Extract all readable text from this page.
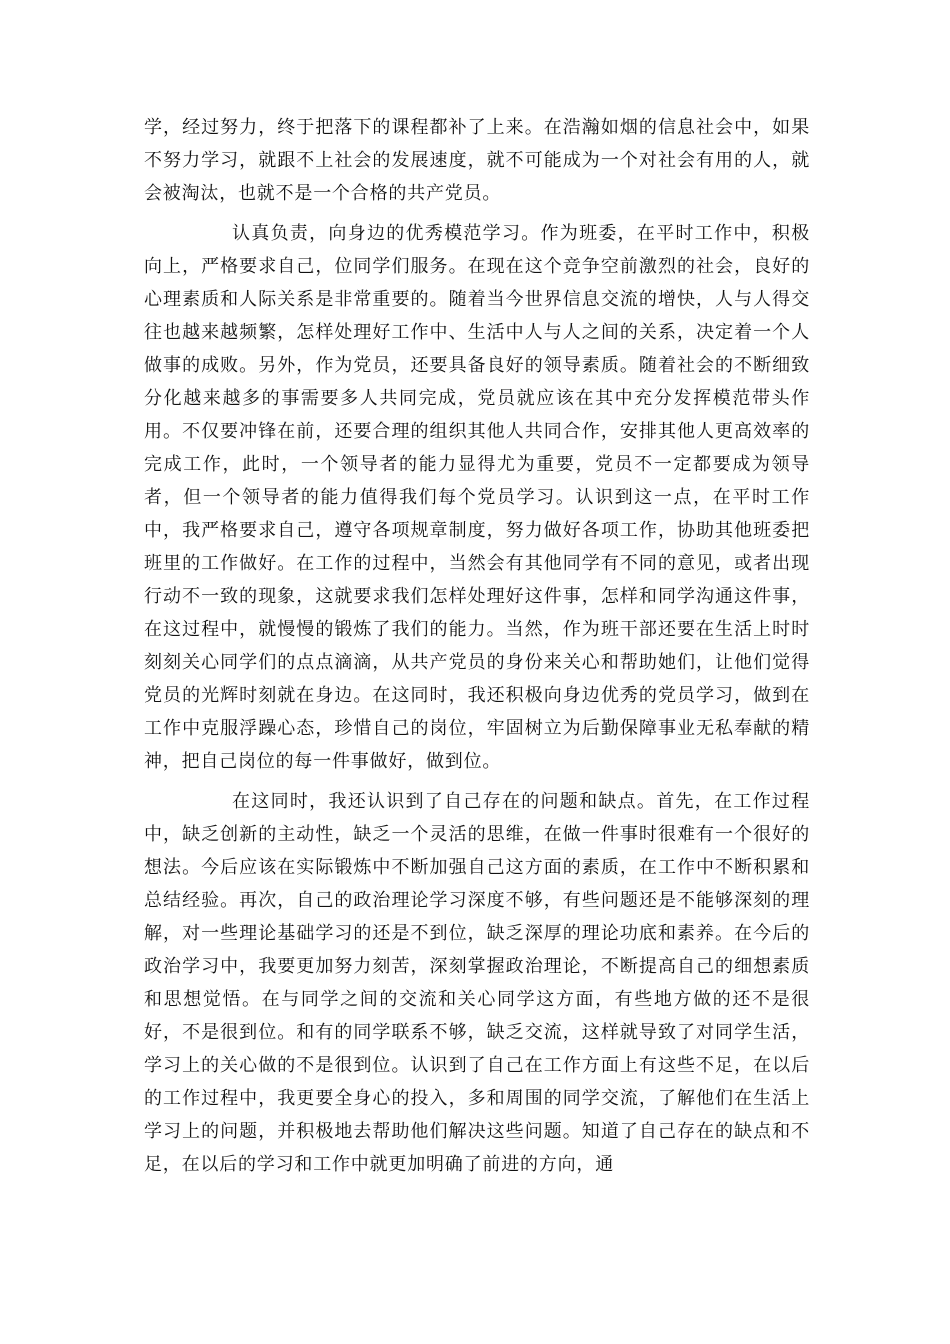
学，经过努力，终于把落下的课程都补了上来。在浩瀚如烟的信息社会中，如果不努力学习，就跟不上社会的发展速度，就不可能成为一个对社会有用的人，就会被淘汰，也就不是一个合格的共产党员。

认真负责，向身边的优秀模范学习。作为班委，在平时工作中，积极向上，严格要求自己，位同学们服务。在现在这个竞争空前激烈的社会，良好的心理素质和人际关系是非常重要的。随着当今世界信息交流的增快，人与人得交往也越来越频繁，怎样处理好工作中、生活中人与人之间的关系，决定着一个人做事的成败。另外，作为党员，还要具备良好的领导素质。随着社会的不断细致分化越来越多的事需要多人共同完成，党员就应该在其中充分发挥模范带头作用。不仅要冲锋在前，还要合理的组织其他人共同合作，安排其他人更高效率的完成工作，此时，一个领导者的能力显得尤为重要，党员不一定都要成为领导者，但一个领导者的能力值得我们每个党员学习。认识到这一点，在平时工作中，我严格要求自己，遵守各项规章制度，努力做好各项工作，协助其他班委把班里的工作做好。在工作的过程中，当然会有其他同学有不同的意见，或者出现行动不一致的现象，这就要求我们怎样处理好这件事，怎样和同学沟通这件事，在这过程中，就慢慢的锻炼了我们的能力。当然，作为班干部还要在生活上时时刻刻关心同学们的点点滴滴，从共产党员的身份来关心和帮助她们，让他们觉得党员的光辉时刻就在身边。在这同时，我还积极向身边优秀的党员学习，做到在工作中克服浮躁心态，珍惜自己的岗位，牢固树立为后勤保障事业无私奉献的精神，把自己岗位的每一件事做好，做到位。

在这同时，我还认识到了自己存在的问题和缺点。首先，在工作过程中，缺乏创新的主动性，缺乏一个灵活的思维，在做一件事时很难有一个很好的想法。今后应该在实际锻炼中不断加强自己这方面的素质，在工作中不断积累和总结经验。再次，自己的政治理论学习深度不够，有些问题还是不能够深刻的理解，对一些理论基础学习的还是不到位，缺乏深厚的理论功底和素养。在今后的政治学习中，我要更加努力刻苦，深刻掌握政治理论，不断提高自己的细想素质和思想觉悟。在与同学之间的交流和关心同学这方面，有些地方做的还不是很好，不是很到位。和有的同学联系不够，缺乏交流，这样就导致了对同学生活，学习上的关心做的不是很到位。认识到了自己在工作方面上有这些不足，在以后的工作过程中，我更要全身心的投入，多和周围的同学交流，了解他们在生活上学习上的问题，并积极地去帮助他们解决这些问题。知道了自己存在的缺点和不足，在以后的学习和工作中就更加明确了前进的方向，通
